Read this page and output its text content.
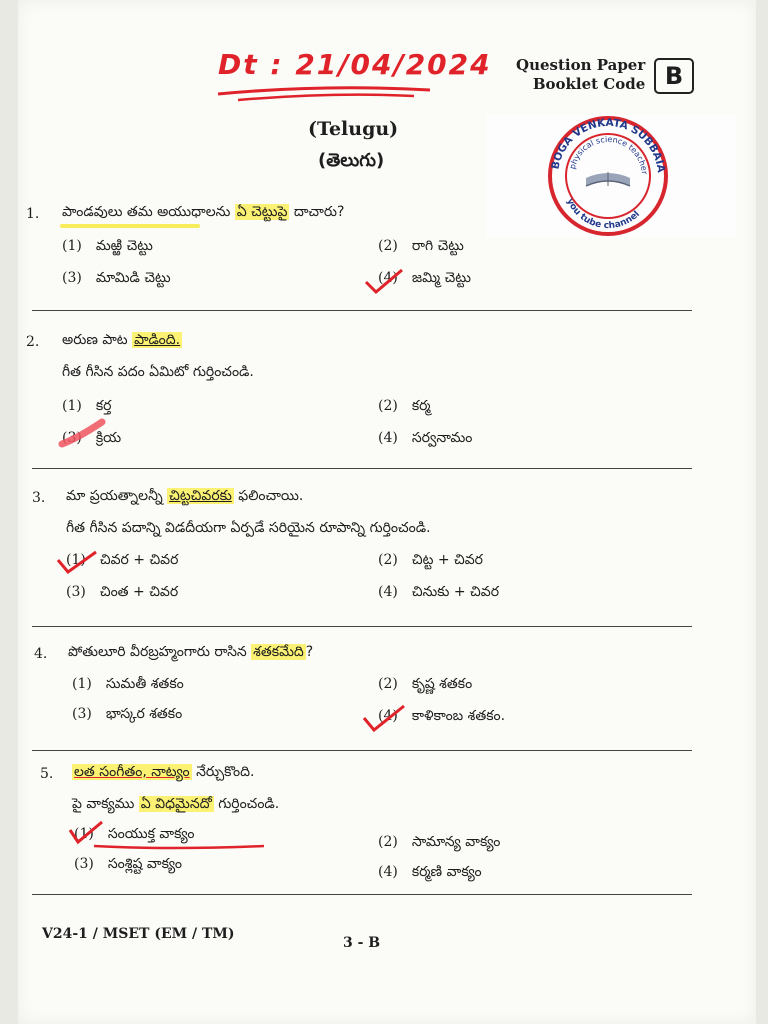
Dt : 21/04/2024 Question Paper
Booklet Code B
(Telugu)
(తెలుగు)	BOGA VENKATA SUBBAIA
physical science teacher
you tube channel
1. పాండవులు తమ అయుధాలను ఏ చెట్టుపై దాచారు?
(1) మఱ్ఱి చెట్టు	(2) రాగి చెట్టు
(3) మామిడి చెట్టు	(4) జమ్మి చెట్టు
2. అరుణ పాట పాడింది.
గీత గీసిన పదం ఏమిటో గుర్తించండి.
(1) కర్త	(2) కర్మ
(3) క్రియ	(4) సర్వనామం
3. మా ప్రయత్నాలన్నీ చిట్టచివరకు ఫలించాయి.
గీత గీసిన పదాన్ని విడదీయగా ఏర్పడే సరియైన రూపాన్ని గుర్తించండి.
(1) చివర + చివర	(2) చిట్ట + చివర
(3) చింత + చివర	(4) చినుకు + చివర
4. పోతులూరి వీరబ్రహ్మంగారు రాసిన శతకమేది ?
(1) సుమతీ శతకం	(2) కృష్ణ శతకం
(3) భాస్కర శతకం	(4) కాళికాంబ శతకం.
5. లత సంగీతం, నాట్యం నేర్చుకొంది.
పై వాక్యము ఏ విధమైనదో గుర్తించండి.
(1) సంయుక్త వాక్యం	(2) సామాన్య వాక్యం
(3) సంశ్లిష్ట వాక్యం	(4) కర్మణి వాక్యం
V24-1 / MSET (EM / TM)
3 - B
